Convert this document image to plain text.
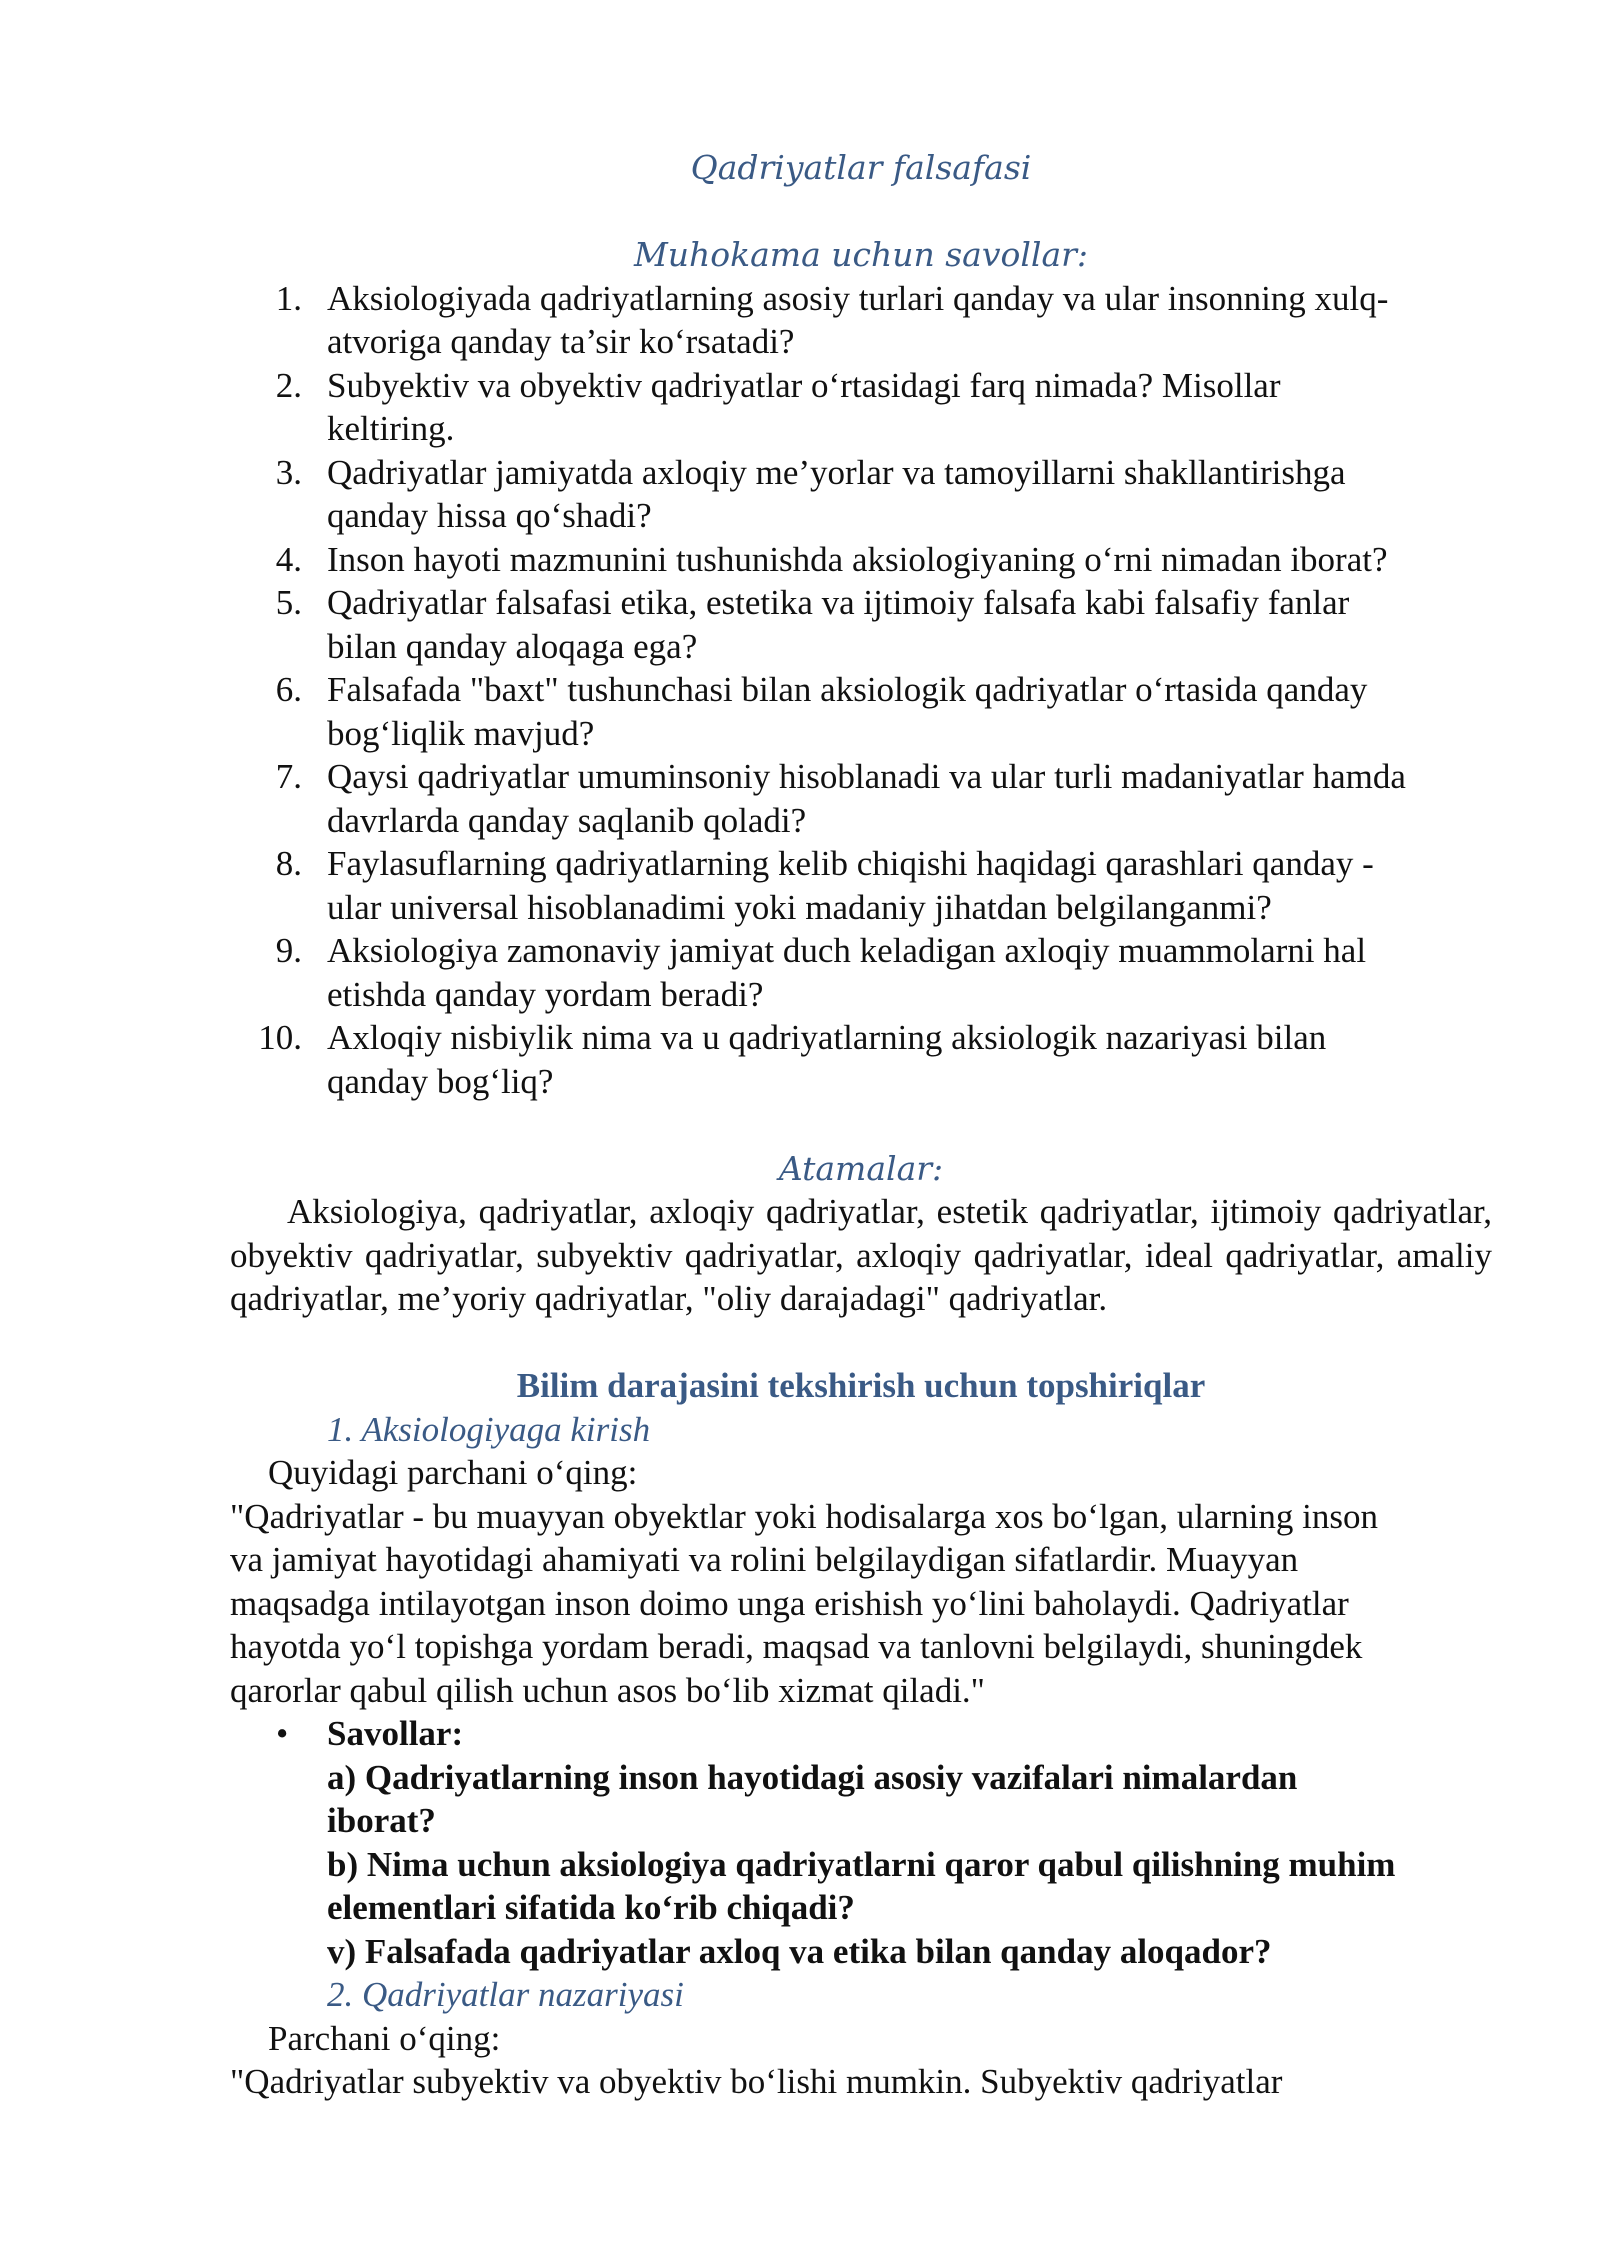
Qadriyatlar falsafasi
Muhokama uchun savollar:
1. Aksiologiyada qadriyatlarning asosiy turlari qanday va ular insonning xulq-
atvoriga qanday ta’sir ko‘rsatadi?
2. Subyektiv va obyektiv qadriyatlar o‘rtasidagi farq nimada? Misollar
keltiring.
3. Qadriyatlar jamiyatda axloqiy me’yorlar va tamoyillarni shakllantirishga
qanday hissa qo‘shadi?
4. Inson hayoti mazmunini tushunishda aksiologiyaning o‘rni nimadan iborat?
5. Qadriyatlar falsafasi etika, estetika va ijtimoiy falsafa kabi falsafiy fanlar
bilan qanday aloqaga ega?
6. Falsafada "baxt" tushunchasi bilan aksiologik qadriyatlar o‘rtasida qanday
bog‘liqlik mavjud?
7. Qaysi qadriyatlar umuminsoniy hisoblanadi va ular turli madaniyatlar hamda
davrlarda qanday saqlanib qoladi?
8. Faylasuflarning qadriyatlarning kelib chiqishi haqidagi qarashlari qanday -
ular universal hisoblanadimi yoki madaniy jihatdan belgilanganmi?
9. Aksiologiya zamonaviy jamiyat duch keladigan axloqiy muammolarni hal
etishda qanday yordam beradi?
10. Axloqiy nisbiylik nima va u qadriyatlarning aksiologik nazariyasi bilan
qanday bog‘liq?
Atamalar:
Aksiologiya, qadriyatlar, axloqiy qadriyatlar, estetik qadriyatlar, ijtimoiy qadriyatlar, obyektiv qadriyatlar, subyektiv qadriyatlar, axloqiy qadriyatlar, ideal qadriyatlar, amaliy qadriyatlar, me’yoriy qadriyatlar, "oliy darajadagi" qadriyatlar.
Bilim darajasini tekshirish uchun topshiriqlar
1. Aksiologiyaga kirish
Quyidagi parchani o‘qing:
"Qadriyatlar - bu muayyan obyektlar yoki hodisalarga xos bo‘lgan, ularning inson
va jamiyat hayotidagi ahamiyati va rolini belgilaydigan sifatlardir. Muayyan
maqsadga intilayotgan inson doimo unga erishish yo‘lini baholaydi. Qadriyatlar
hayotda yo‘l topishga yordam beradi, maqsad va tanlovni belgilaydi, shuningdek
qarorlar qabul qilish uchun asos bo‘lib xizmat qiladi."
• Savollar:
a) Qadriyatlarning inson hayotidagi asosiy vazifalari nimalardan
iborat?
b) Nima uchun aksiologiya qadriyatlarni qaror qabul qilishning muhim
elementlari sifatida ko‘rib chiqadi?
v) Falsafada qadriyatlar axloq va etika bilan qanday aloqador?
2. Qadriyatlar nazariyasi
Parchani o‘qing:
"Qadriyatlar subyektiv va obyektiv bo‘lishi mumkin. Subyektiv qadriyatlar
